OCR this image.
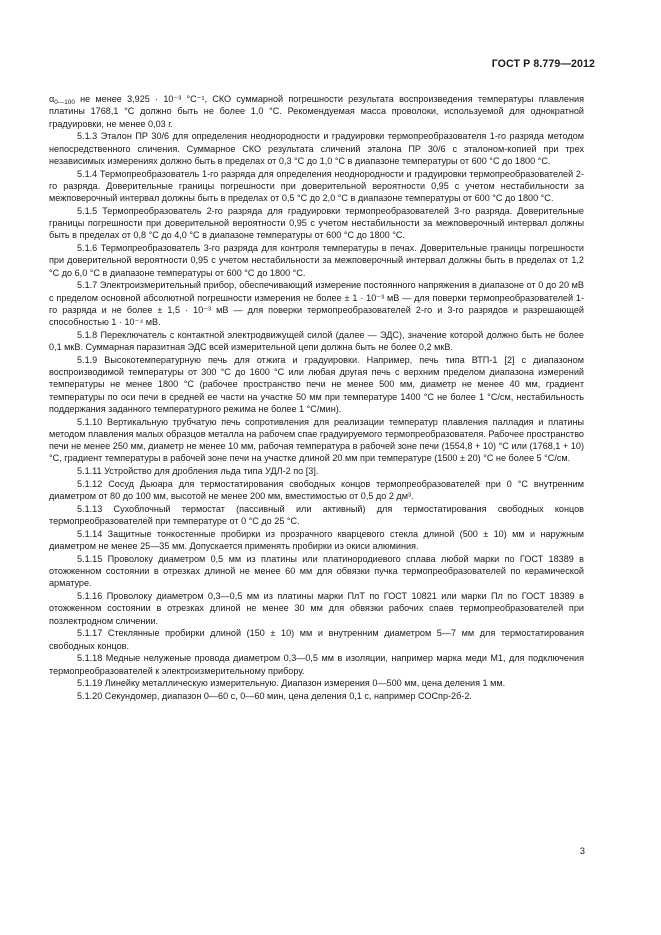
ГОСТ Р 8.779—2012

$\alpha_{0—100}$ не менее 3,925 · 10⁻³ °С⁻¹, СКО суммарной погрешности результата воспроизведения температуры плавления платины 1768,1 °С должно быть не более 1,0 °С. Рекомендуемая масса проволоки, используемой для однократной градуировки, не менее 0,03 г.

5.1.3 Эталон ПР 30/6 для определения неоднородности и градуировки термопреобразователя 1-го разряда методом непосредственного сличения. Суммарное СКО результата сличений эталона ПР 30/6 с эталоном-копией при трех независимых измерениях должно быть в пределах от 0,3 °С до 1,0 °С в диапазоне температуры от 600 °С до 1800 °С.

5.1.4 Термопреобразователь 1-го разряда для определения неоднородности и градуировки термопреобразователей 2-го разряда. Доверительные границы погрешности при доверительной вероятности 0,95 с учетом нестабильности за межповерочный интервал должны быть в пределах от 0,5 °С до 2,0 °С в диапазоне температуры от 600 °С до 1800 °С.

5.1.5 Термопреобразователь 2-го разряда для градуировки термопреобразователей 3-го разряда. Доверительные границы погрешности при доверительной вероятности 0,95 с учетом нестабильности за межповерочный интервал должны быть в пределах от 0,8 °С до 4,0 °С в диапазоне температуры от 600 °С до 1800 °С.

5.1.6 Термопреобразователь 3-го разряда для контроля температуры в печах. Доверительные границы погрешности при доверительной вероятности 0,95 с учетом нестабильности за межповерочный интервал должны быть в пределах от 1,2 °С до 6,0 °С в диапазоне температуры от 600 °С до 1800 °С.

5.1.7 Электроизмерительный прибор, обеспечивающий измерение постоянного напряжения в диапазоне от 0 до 20 мВ с пределом основной абсолютной погрешности измерения не более ± 1 · 10⁻³ мВ — для поверки термопреобразователей 1-го разряда и не более ± 1,5 · 10⁻³ мВ — для поверки термопреобразователей 2-го и 3-го разрядов и разрешающей способностью 1 · 10⁻⁴ мВ.

5.1.8 Переключатель с контактной электродвижущей силой (далее — ЭДС), значение которой должно быть не более 0,1 мкВ. Суммарная паразитная ЭДС всей измерительной цепи должна быть не более 0,2 мкВ.

5.1.9 Высокотемпературную печь для отжига и градуировки. Например, печь типа ВТП-1 [2] с диапазоном воспроизводимой температуры от 300 °С до 1600 °С или любая другая печь с верхним пределом диапазона измерений температуры не менее 1800 °С (рабочее пространство печи не менее 500 мм, диаметр не менее 40 мм, градиент температуры по оси печи в средней ее части на участке 50 мм при температуре 1400 °С не более 1 °С/см, нестабильность поддержания заданного температурного режима не более 1 °С/мин).

5.1.10 Вертикальную трубчатую печь сопротивления для реализации температур плавления палладия и платины методом плавления малых образцов металла на рабочем спае градуируемого термопреобразователя. Рабочее пространство печи не менее 250 мм, диаметр не менее 10 мм, рабочая температура в рабочей зоне печи (1554,8 + 10) °С или (1768,1 + 10) °С, градиент температуры в рабочей зоне печи на участке длиной 20 мм при температуре (1500 ± 20) °С не более 5 °С/см.

5.1.11 Устройство для дробления льда типа УДЛ-2 по [3].

5.1.12 Сосуд Дьюара для термостатирования свободных концов термопреобразователей при 0 °С внутренним диаметром от 80 до 100 мм, высотой не менее 200 мм, вместимостью от 0,5 до 2 дм³.

5.1.13 Сухоблочный термостат (пассивный или активный) для термостатирования свободных концов термопреобразователей при температуре от 0 °С до 25 °С.

5.1.14 Защитные тонкостенные пробирки из прозрачного кварцевого стекла длиной (500 ± 10) мм и наружным диаметром не менее 25—35 мм. Допускается применять пробирки из окиси алюминия.

5.1.15 Проволоку диаметром 0,5 мм из платины или платинородиевого сплава любой марки по ГОСТ 18389 в отожженном состоянии в отрезках длиной не менее 60 мм для обвязки пучка термопреобразователей по керамической арматуре.

5.1.16 Проволоку диаметром 0,3—0,5 мм из платины марки ПлТ по ГОСТ 10821 или марки Пл по ГОСТ 18389 в отожженном состоянии в отрезках длиной не менее 30 мм для обвязки рабочих спаев термопреобразователей при позлектродном сличении.

5.1.17 Стеклянные пробирки длиной (150 ± 10) мм и внутренним диаметром 5—7 мм для термостатирования свободных концов.

5.1.18 Медные нелуженые провода диаметром 0,3—0,5 мм в изоляции, например марка меди М1, для подключения термопреобразователей к электроизмерительному прибору.

5.1.19 Линейку металлическую измерительную. Диапазон измерения 0—500 мм, цена деления 1 мм.

5.1.20 Секундомер, диапазон 0—60 с, 0—60 мин, цена деления 0,1 с, например СОСпр-2б-2.

3
